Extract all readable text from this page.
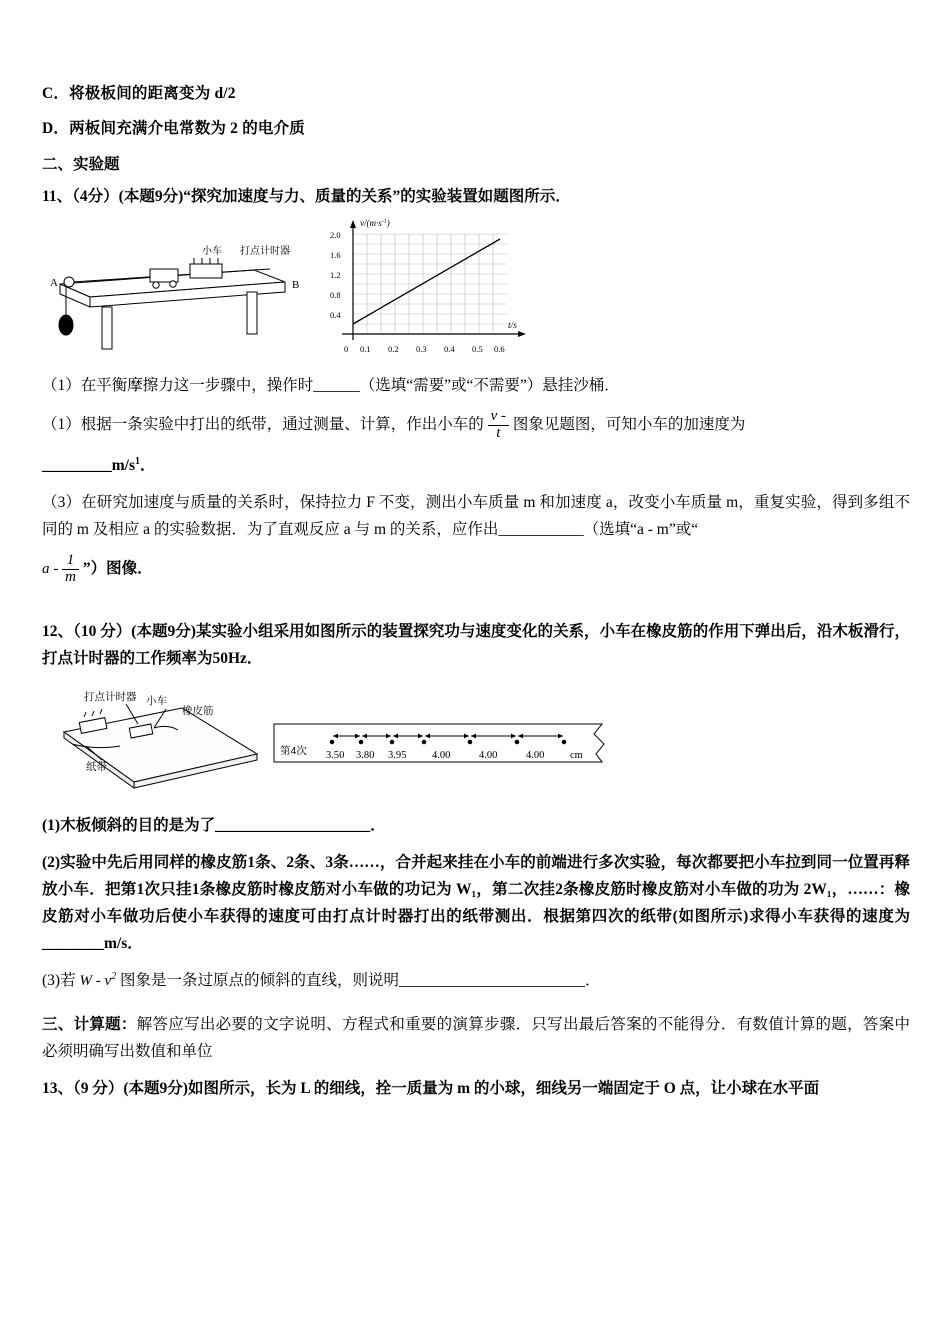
C．将极板间的距离变为 d/2
D．两板间充满介电常数为 2 的电介质
二、实验题
11、（4分）(本题9分)“探究加速度与力、质量的关系”的实验装置如题图所示．
小车 打点计时器
A	B
2.0
1.6
1.2
0.8
0.4
0 0.1 0.2 0.3 0.4 0.5 0.6
$v/(m\cdot s^{-1})$
t/s
（1）在平衡摩擦力这一步骤中，操作时______（选填“需要”或“不需要”）悬挂沙桶．
（1）根据一条实验中打出的纸带，通过测量、计算，作出小车的 $\frac{v -}{t}$ 图象见题图，可知小车的加速度为
$\_\_\_\_\_\_\_\_\_m/s^1$．
（3）在研究加速度与质量的关系时，保持拉力 F 不变，测出小车质量 m 和加速度 a，改变小车质量 m，重复实验，得到多组不同的 m 及相应 a 的实验数据．为了直观反应 a 与 m 的关系，应作出___________（选填“a - m”或“
a - $\frac{1}{m}$ ”）图像．
12、（10 分）(本题9分)某实验小组采用如图所示的装置探究功与速度变化的关系，小车在橡皮筋的作用下弹出后，沿木板滑行，打点计时器的工作频率为50Hz．
打点计时器 小车
橡皮筋
纸带
第4次 3.50 3.80 3.95 4.00	4.00	4.00 cm
(1)木板倾斜的目的是为了____________________．
(2)实验中先后用同样的橡皮筋1条、2条、3条……，合并起来挂在小车的前端进行多次实验，每次都要把小车拉到同一位置再释放小车．把第1次只挂1条橡皮筋时橡皮筋对小车做的功记为 W₁，第二次挂2条橡皮筋时橡皮筋对小车做的功为 2W₁，……：橡皮筋对小车做功后使小车获得的速度可由打点计时器打出的纸带测出．根据第四次的纸带(如图所示)求得小车获得的速度为________m/s．
(3)若 W - $v^2$ 图象是一条过原点的倾斜的直线，则说明________________________．
三、计算题：解答应写出必要的文字说明、方程式和重要的演算步骤．只写出最后答案的不能得分．有数值计算的题，答案中必须明确写出数值和单位
13、（9 分）(本题9分)如图所示，长为 L 的细线，拴一质量为 m 的小球，细线另一端固定于 O 点，让小球在水平面
